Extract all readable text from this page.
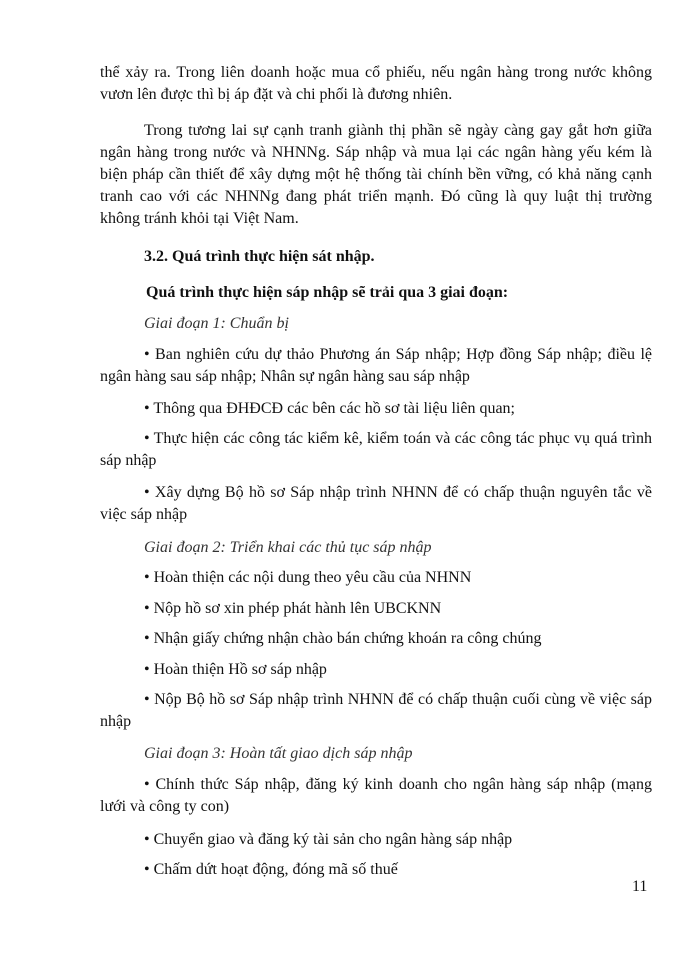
thể xảy ra. Trong liên doanh hoặc mua cổ phiếu, nếu ngân hàng trong nước không vươn lên được thì bị áp đặt và chi phối là đương nhiên.

Trong tương lai sự cạnh tranh giành thị phần sẽ ngày càng gay gắt hơn giữa ngân hàng trong nước và NHNNg. Sáp nhập và mua lại các ngân hàng yếu kém là biện pháp cần thiết để xây dựng một hệ thống tài chính bền vững, có khả năng cạnh tranh cao với các NHNNg đang phát triển mạnh. Đó cũng là quy luật thị trường không tránh khỏi tại Việt Nam.

3.2. Quá trình thực hiện sát nhập.

Quá trình thực hiện sáp nhập sẽ trải qua 3 giai đoạn:

Giai đoạn 1: Chuẩn bị

• Ban nghiên cứu dự thảo Phương án Sáp nhập; Hợp đồng Sáp nhập; điều lệ ngân hàng sau sáp nhập; Nhân sự ngân hàng sau sáp nhập

• Thông qua ĐHĐCĐ các bên các hồ sơ tài liệu liên quan;

• Thực hiện các công tác kiểm kê, kiểm toán và các công tác phục vụ quá trình sáp nhập

• Xây dựng Bộ hồ sơ Sáp nhập trình NHNN để có chấp thuận nguyên tắc về việc sáp nhập

Giai đoạn 2: Triển khai các thủ tục sáp nhập

• Hoàn thiện các nội dung theo yêu cầu của NHNN

• Nộp hồ sơ xin phép phát hành lên UBCKNN

• Nhận giấy chứng nhận chào bán chứng khoán ra công chúng

• Hoàn thiện Hồ sơ sáp nhập

• Nộp Bộ hồ sơ Sáp nhập trình NHNN để có chấp thuận cuối cùng về việc sáp nhập

Giai đoạn 3: Hoàn tất giao dịch sáp nhập

• Chính thức Sáp nhập, đăng ký kinh doanh cho ngân hàng sáp nhập (mạng lưới và công ty con)

• Chuyển giao và đăng ký tài sản cho ngân hàng sáp nhập

• Chấm dứt hoạt động, đóng mã số thuế

11
